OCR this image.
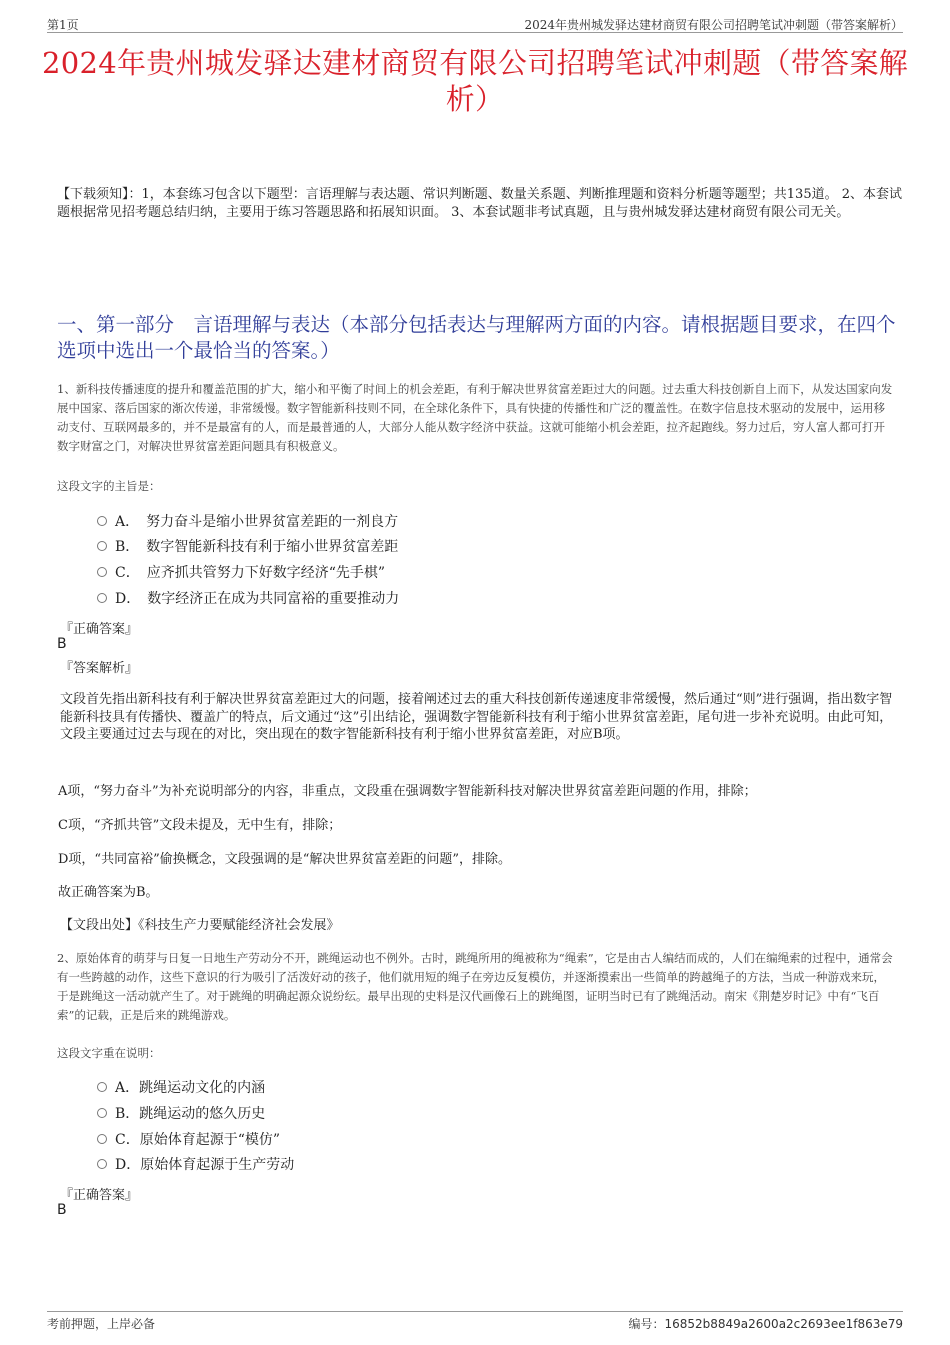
第1页	2024年贵州城发驿达建材商贸有限公司招聘笔试冲刺题（带答案解析）
2024年贵州城发驿达建材商贸有限公司招聘笔试冲刺题（带答案解析）
【下载须知】：1，本套练习包含以下题型：言语理解与表达题、常识判断题、数量关系题、判断推理题和资料分析题等题型；共135道。 2、本套试题根据常见招考题总结归纳，主要用于练习答题思路和拓展知识面。 3、本套试题非考试真题，且与贵州城发驿达建材商贸有限公司无关。
一、第一部分　言语理解与表达（本部分包括表达与理解两方面的内容。请根据题目要求，在四个选项中选出一个最恰当的答案。）
1、新科技传播速度的提升和覆盖范围的扩大，缩小和平衡了时间上的机会差距，有利于解决世界贫富差距过大的问题。过去重大科技创新自上而下，从发达国家向发展中国家、落后国家的渐次传递，非常缓慢。数字智能新科技则不同，在全球化条件下，具有快捷的传播性和广泛的覆盖性。在数字信息技术驱动的发展中，运用移动支付、互联网最多的，并不是最富有的人，而是最普通的人，大部分人能从数字经济中获益。这就可能缩小机会差距，拉齐起跑线。努力过后，穷人富人都可打开数字财富之门，对解决世界贫富差距问题具有积极意义。
这段文字的主旨是：
A．　努力奋斗是缩小世界贫富差距的一剂良方
B．　数字智能新科技有利于缩小世界贫富差距
C．　应齐抓共管努力下好数字经济“先手棋”
D．　数字经济正在成为共同富裕的重要推动力
『正确答案』
B
『答案解析』
文段首先指出新科技有利于解决世界贫富差距过大的问题，接着阐述过去的重大科技创新传递速度非常缓慢，然后通过“则”进行强调，指出数字智能新科技具有传播快、覆盖广的特点，后文通过“这”引出结论，强调数字智能新科技有利于缩小世界贫富差距，尾句进一步补充说明。由此可知，文段主要通过过去与现在的对比，突出现在的数字智能新科技有利于缩小世界贫富差距，对应B项。
A项，“努力奋斗”为补充说明部分的内容，非重点，文段重在强调数字智能新科技对解决世界贫富差距问题的作用，排除；
C项，“齐抓共管”文段未提及，无中生有，排除；
D项，“共同富裕”偷换概念，文段强调的是“解决世界贫富差距的问题”，排除。
故正确答案为B。
【文段出处】《科技生产力要赋能经济社会发展》
2、原始体育的萌芽与日复一日地生产劳动分不开，跳绳运动也不例外。古时，跳绳所用的绳被称为“绳索”，它是由古人编结而成的，人们在编绳索的过程中，通常会有一些跨越的动作，这些下意识的行为吸引了活泼好动的孩子，他们就用短的绳子在旁边反复模仿，并逐渐摸索出一些简单的跨越绳子的方法，当成一种游戏来玩，于是跳绳这一活动就产生了。对于跳绳的明确起源众说纷纭。最早出现的史料是汉代画像石上的跳绳图，证明当时已有了跳绳活动。南宋《荆楚岁时记》中有“飞百索”的记载，正是后来的跳绳游戏。
这段文字重在说明：
A．跳绳运动文化的内涵
B．跳绳运动的悠久历史
C．原始体育起源于“模仿”
D．原始体育起源于生产劳动
『正确答案』
B
考前押题，上岸必备	编号：16852b8849a2600a2c2693ee1f863e79
